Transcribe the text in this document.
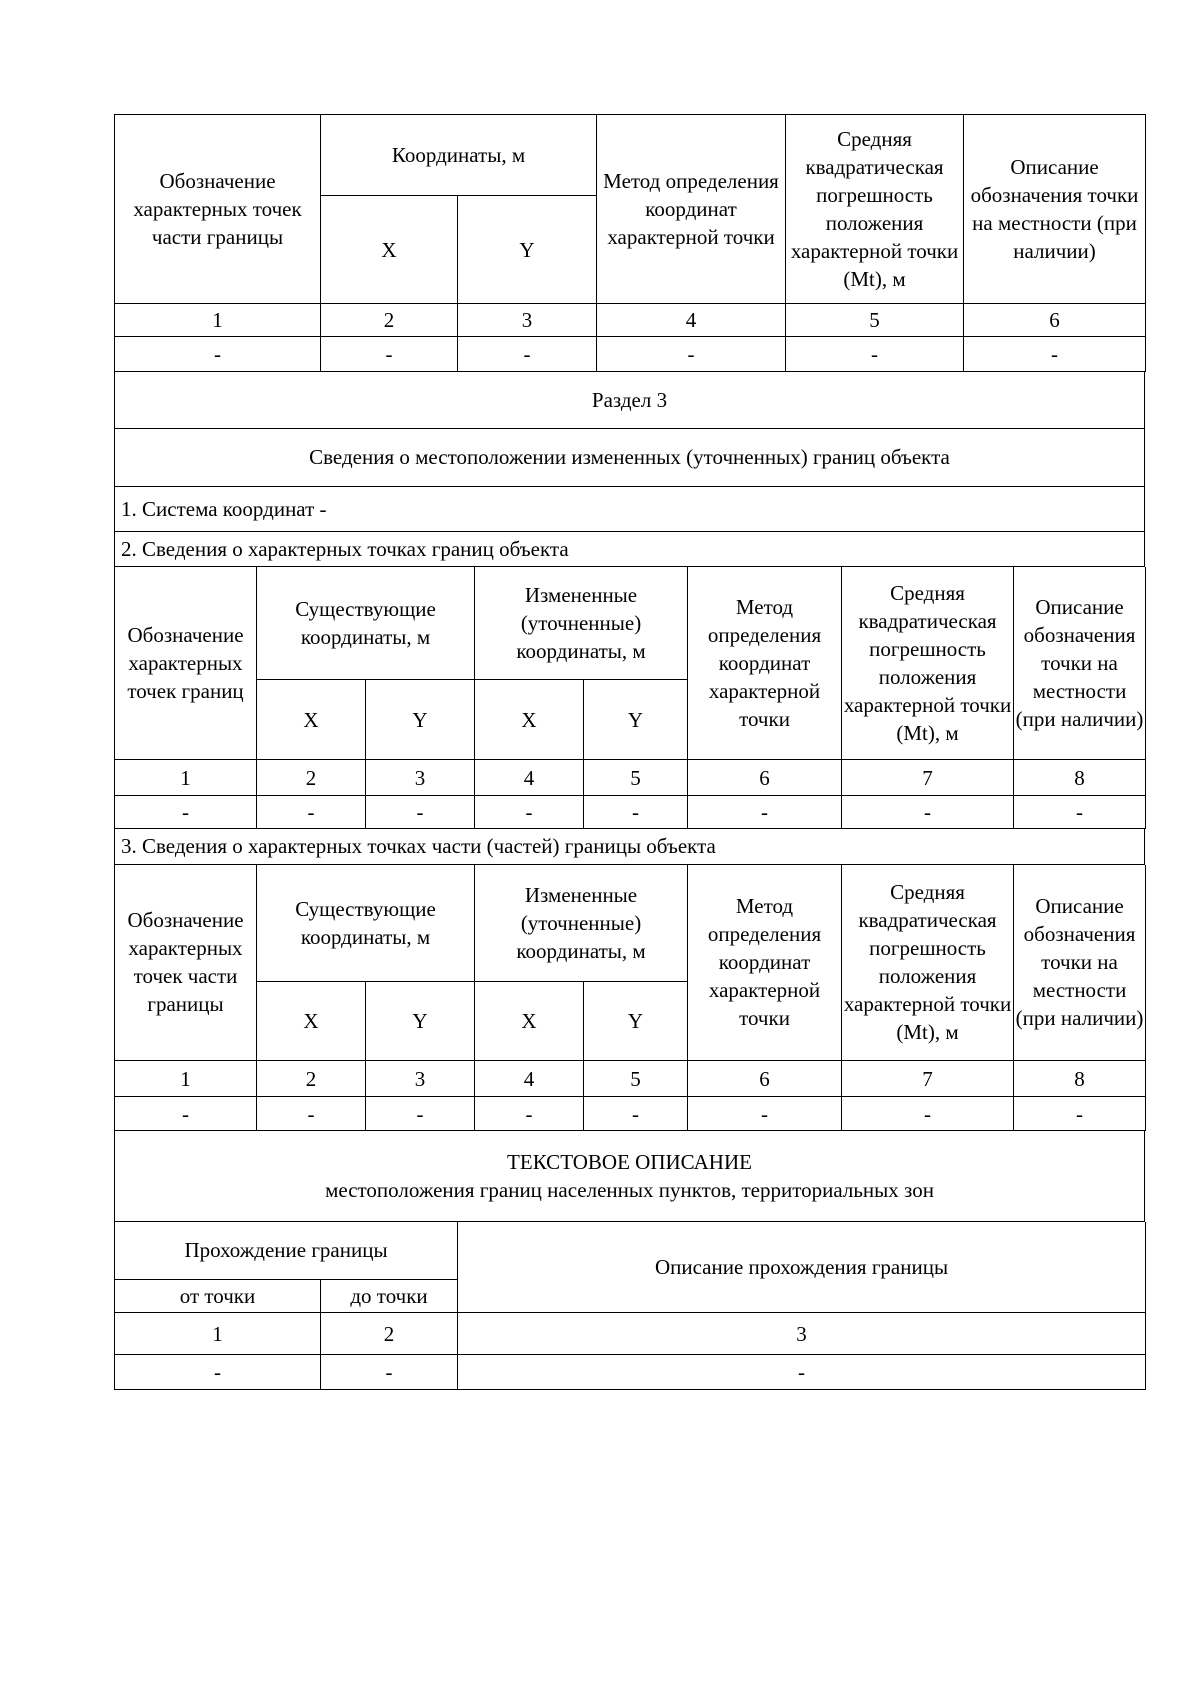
Обозначение характерных точек части границы	Координаты, м		Метод определения координат характерной точки	Средняя квадратическая погрешность положения характерной точки (Mt), м	Описание обозначения точки на местности (при наличии)
	X	Y			
1	2	3	4	5	6
-	-	-	-	-	-
Раздел 3
Сведения о местоположении измененных (уточненных) границ объекта
1. Система координат -
2. Сведения о характерных точках границ объекта
Обозначение характерных точек границ	Существующие координаты, м		Измененные (уточненные) координаты, м		Метод определения координат характерной точки	Средняя квадратическая погрешность положения характерной точки (Mt), м	Описание обозначения точки на местности (при наличии)
	X	Y	X	Y			
1	2	3	4	5	6	7	8
-	-	-	-	-	-	-	-
3. Сведения о характерных точках части (частей) границы объекта
Обозначение характерных точек части границы	Существующие координаты, м		Измененные (уточненные) координаты, м		Метод определения координат характерной точки	Средняя квадратическая погрешность положения характерной точки (Mt), м	Описание обозначения точки на местности (при наличии)
	X	Y	X	Y			
1	2	3	4	5	6	7	8
-	-	-	-	-	-	-	-
ТЕКСТОВОЕ ОПИСАНИЕ
местоположения границ населенных пунктов, территориальных зон
Прохождение границы		Описание прохождения границы
от точки	до точки	
1	2	3
-	-	-
